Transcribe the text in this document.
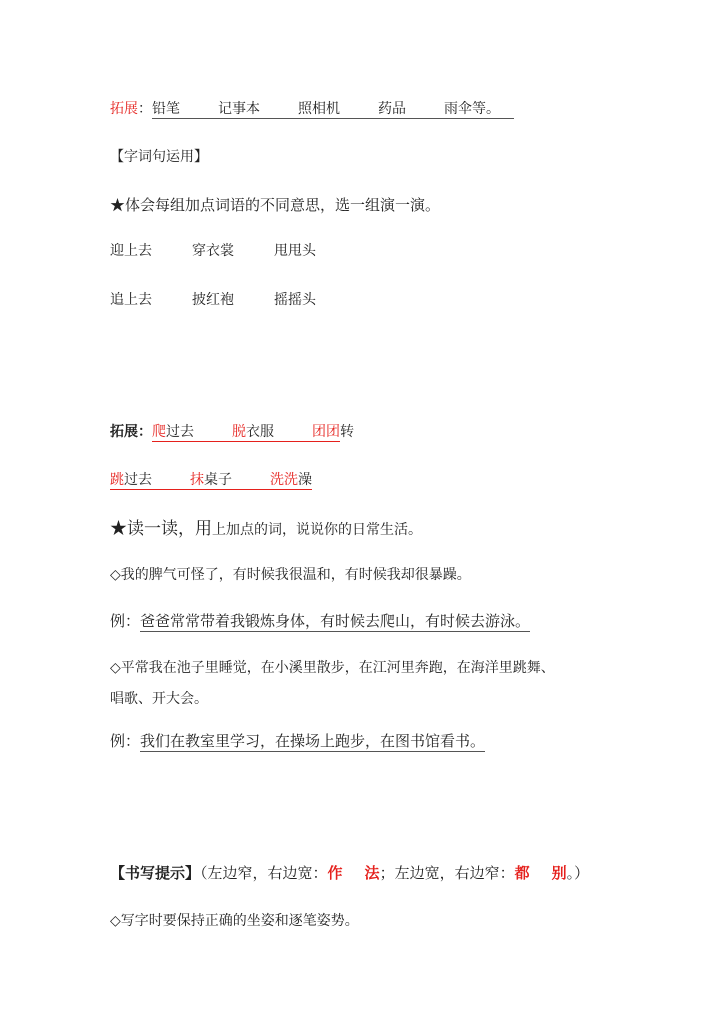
拓展：铅笔	记事本	照相机	药品	雨伞等。
【字词句运用】
★体会每组加点词语的不同意思，选一组演一演。
迎上去	穿衣裳	甩甩头
追上去	披红袍	摇摇头
拓展：爬过去	脱衣服	团团转
跳过去	抹桌子	洗洗澡
★读一读，用上加点的词，说说你的日常生活。
◇我的脾气可怪了，有时候我很温和，有时候我却很暴躁。
例：爸爸常常带着我锻炼身体，有时候去爬山，有时候去游泳。
◇平常我在池子里睡觉，在小溪里散步，在江河里奔跑，在海洋里跳舞、
唱歌、开大会。
例：我们在教室里学习，在操场上跑步，在图书馆看书。
【书写提示】（左边窄，右边宽：作 法；左边宽，右边窄：都 别。）
◇写字时要保持正确的坐姿和逐笔姿势。
